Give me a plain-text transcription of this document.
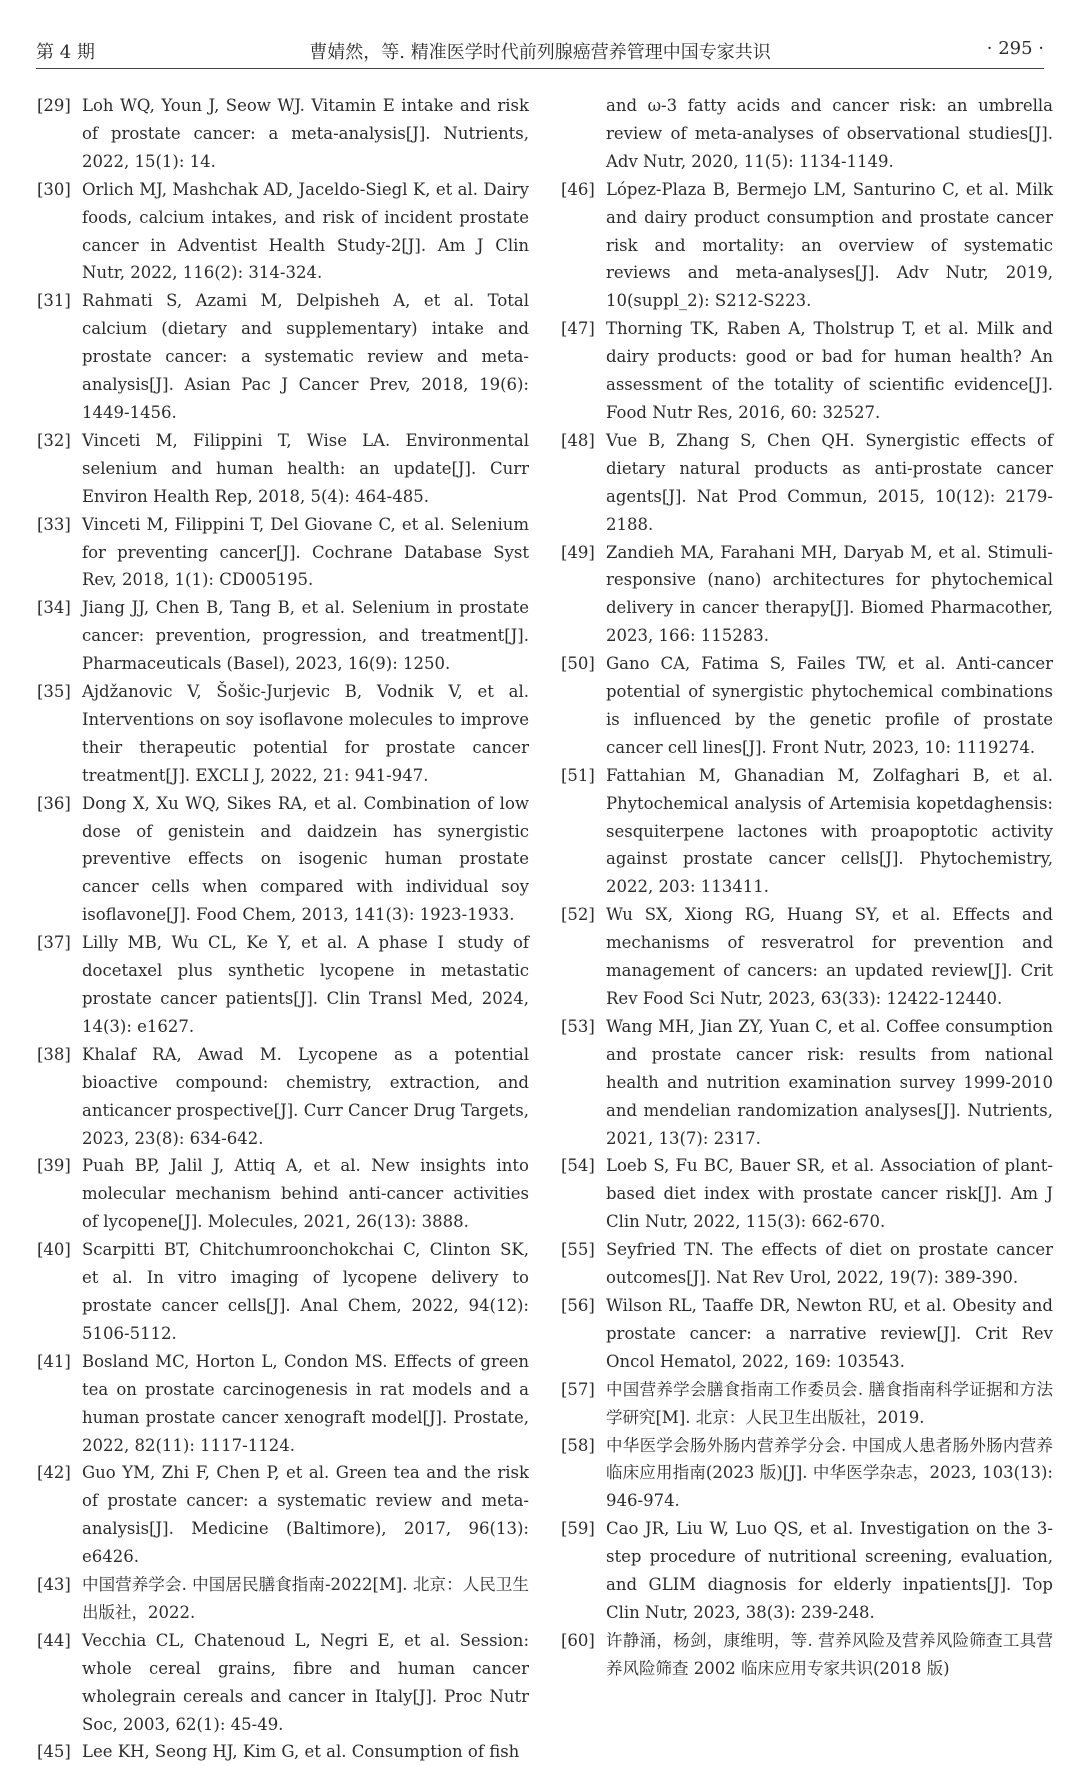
第 4 期	曹婧然，等. 精准医学时代前列腺癌营养管理中国专家共识	· 295 ·
[29] Loh WQ, Youn J, Seow WJ. Vitamin E intake and risk of prostate cancer: a meta-analysis[J]. Nutrients, 2022, 15(1): 14.
[30] Orlich MJ, Mashchak AD, Jaceldo-Siegl K, et al. Dairy foods, calcium intakes, and risk of incident prostate cancer in Adventist Health Study-2[J]. Am J Clin Nutr, 2022, 116(2): 314-324.
[31] Rahmati S, Azami M, Delpisheh A, et al. Total calcium (dietary and supplementary) intake and prostate cancer: a systematic review and meta-analysis[J]. Asian Pac J Cancer Prev, 2018, 19(6): 1449-1456.
[32] Vinceti M, Filippini T, Wise LA. Environmental selenium and human health: an update[J]. Curr Environ Health Rep, 2018, 5(4): 464-485.
[33] Vinceti M, Filippini T, Del Giovane C, et al. Selenium for preventing cancer[J]. Cochrane Database Syst Rev, 2018, 1(1): CD005195.
[34] Jiang JJ, Chen B, Tang B, et al. Selenium in prostate cancer: prevention, progression, and treatment[J]. Pharmaceuticals (Basel), 2023, 16(9): 1250.
[35] Ajdžanovic V, Šošic-Jurjevic B, Vodnik V, et al. Interventions on soy isoflavone molecules to improve their therapeutic potential for prostate cancer treatment[J]. EXCLI J, 2022, 21: 941-947.
[36] Dong X, Xu WQ, Sikes RA, et al. Combination of low dose of genistein and daidzein has synergistic preventive effects on isogenic human prostate cancer cells when compared with individual soy isoflavone[J]. Food Chem, 2013, 141(3): 1923-1933.
[37] Lilly MB, Wu CL, Ke Y, et al. A phase Ⅰ study of docetaxel plus synthetic lycopene in metastatic prostate cancer patients[J]. Clin Transl Med, 2024, 14(3): e1627.
[38] Khalaf RA, Awad M. Lycopene as a potential bioactive compound: chemistry, extraction, and anticancer prospective[J]. Curr Cancer Drug Targets, 2023, 23(8): 634-642.
[39] Puah BP, Jalil J, Attiq A, et al. New insights into molecular mechanism behind anti-cancer activities of lycopene[J]. Molecules, 2021, 26(13): 3888.
[40] Scarpitti BT, Chitchumroonchokchai C, Clinton SK, et al. In vitro imaging of lycopene delivery to prostate cancer cells[J]. Anal Chem, 2022, 94(12): 5106-5112.
[41] Bosland MC, Horton L, Condon MS. Effects of green tea on prostate carcinogenesis in rat models and a human prostate cancer xenograft model[J]. Prostate, 2022, 82(11): 1117-1124.
[42] Guo YM, Zhi F, Chen P, et al. Green tea and the risk of prostate cancer: a systematic review and meta-analysis[J]. Medicine (Baltimore), 2017, 96(13): e6426.
[43] 中国营养学会. 中国居民膳食指南-2022[M]. 北京：人民卫生出版社，2022.
[44] Vecchia CL, Chatenoud L, Negri E, et al. Session: whole cereal grains, fibre and human cancer wholegrain cereals and cancer in Italy[J]. Proc Nutr Soc, 2003, 62(1): 45-49.
[45] Lee KH, Seong HJ, Kim G, et al. Consumption of fish
and ω-3 fatty acids and cancer risk: an umbrella review of meta-analyses of observational studies[J]. Adv Nutr, 2020, 11(5): 1134-1149.
[46] López-Plaza B, Bermejo LM, Santurino C, et al. Milk and dairy product consumption and prostate cancer risk and mortality: an overview of systematic reviews and meta-analyses[J]. Adv Nutr, 2019, 10(suppl_2): S212-S223.
[47] Thorning TK, Raben A, Tholstrup T, et al. Milk and dairy products: good or bad for human health? An assessment of the totality of scientific evidence[J]. Food Nutr Res, 2016, 60: 32527.
[48] Vue B, Zhang S, Chen QH. Synergistic effects of dietary natural products as anti-prostate cancer agents[J]. Nat Prod Commun, 2015, 10(12): 2179-2188.
[49] Zandieh MA, Farahani MH, Daryab M, et al. Stimuli-responsive (nano) architectures for phytochemical delivery in cancer therapy[J]. Biomed Pharmacother, 2023, 166: 115283.
[50] Gano CA, Fatima S, Failes TW, et al. Anti-cancer potential of synergistic phytochemical combinations is influenced by the genetic profile of prostate cancer cell lines[J]. Front Nutr, 2023, 10: 1119274.
[51] Fattahian M, Ghanadian M, Zolfaghari B, et al. Phytochemical analysis of Artemisia kopetdaghensis: sesquiterpene lactones with proapoptotic activity against prostate cancer cells[J]. Phytochemistry, 2022, 203: 113411.
[52] Wu SX, Xiong RG, Huang SY, et al. Effects and mechanisms of resveratrol for prevention and management of cancers: an updated review[J]. Crit Rev Food Sci Nutr, 2023, 63(33): 12422-12440.
[53] Wang MH, Jian ZY, Yuan C, et al. Coffee consumption and prostate cancer risk: results from national health and nutrition examination survey 1999-2010 and mendelian randomization analyses[J]. Nutrients, 2021, 13(7): 2317.
[54] Loeb S, Fu BC, Bauer SR, et al. Association of plant-based diet index with prostate cancer risk[J]. Am J Clin Nutr, 2022, 115(3): 662-670.
[55] Seyfried TN. The effects of diet on prostate cancer outcomes[J]. Nat Rev Urol, 2022, 19(7): 389-390.
[56] Wilson RL, Taaffe DR, Newton RU, et al. Obesity and prostate cancer: a narrative review[J]. Crit Rev Oncol Hematol, 2022, 169: 103543.
[57] 中国营养学会膳食指南工作委员会. 膳食指南科学证据和方法学研究[M]. 北京：人民卫生出版社，2019.
[58] 中华医学会肠外肠内营养学分会. 中国成人患者肠外肠内营养临床应用指南(2023 版)[J]. 中华医学杂志，2023, 103(13): 946-974.
[59] Cao JR, Liu W, Luo QS, et al. Investigation on the 3-step procedure of nutritional screening, evaluation, and GLIM diagnosis for elderly inpatients[J]. Top Clin Nutr, 2023, 38(3): 239-248.
[60] 许静涌，杨剑，康维明，等. 营养风险及营养风险筛查工具营养风险筛查 2002 临床应用专家共识(2018 版)
